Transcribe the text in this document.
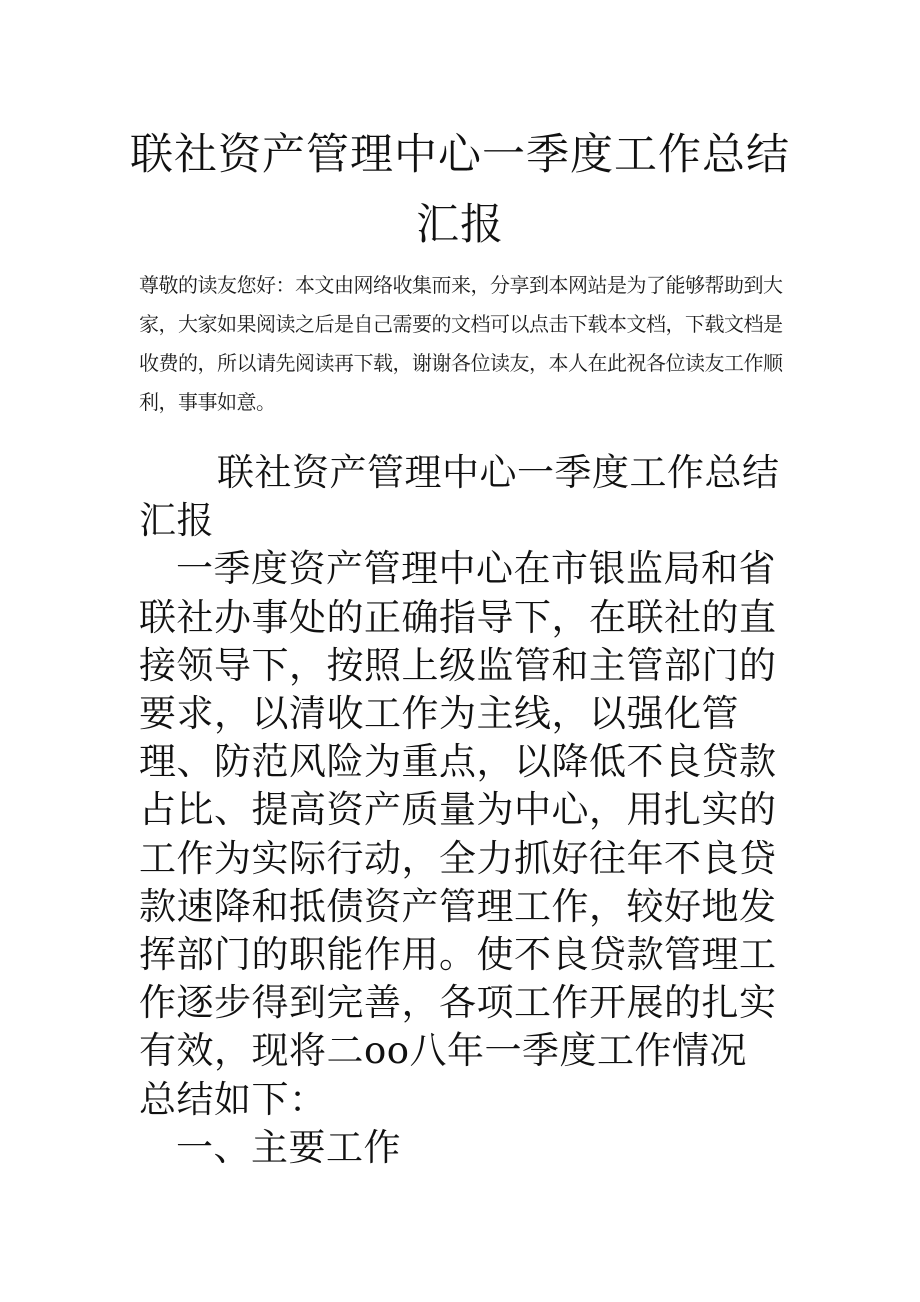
联社资产管理中心一季度工作总结
汇报

尊敬的读友您好：本文由网络收集而来，分享到本网站是为了能够帮助到大家，大家如果阅读之后是自己需要的文档可以点击下载本文档，下载文档是收费的，所以请先阅读再下载，谢谢各位读友，本人在此祝各位读友工作顺利，事事如意。

联社资产管理中心一季度工作总结汇报

一季度资产管理中心在市银监局和省联社办事处的正确指导下，在联社的直接领导下，按照上级监管和主管部门的要求，以清收工作为主线，以强化管理、防范风险为重点，以降低不良贷款占比、提高资产质量为中心，用扎实的工作为实际行动，全力抓好往年不良贷款速降和抵债资产管理工作，较好地发挥部门的职能作用。使不良贷款管理工作逐步得到完善，各项工作开展的扎实有效，现将二oo八年一季度工作情况总结如下：

一、主要工作
